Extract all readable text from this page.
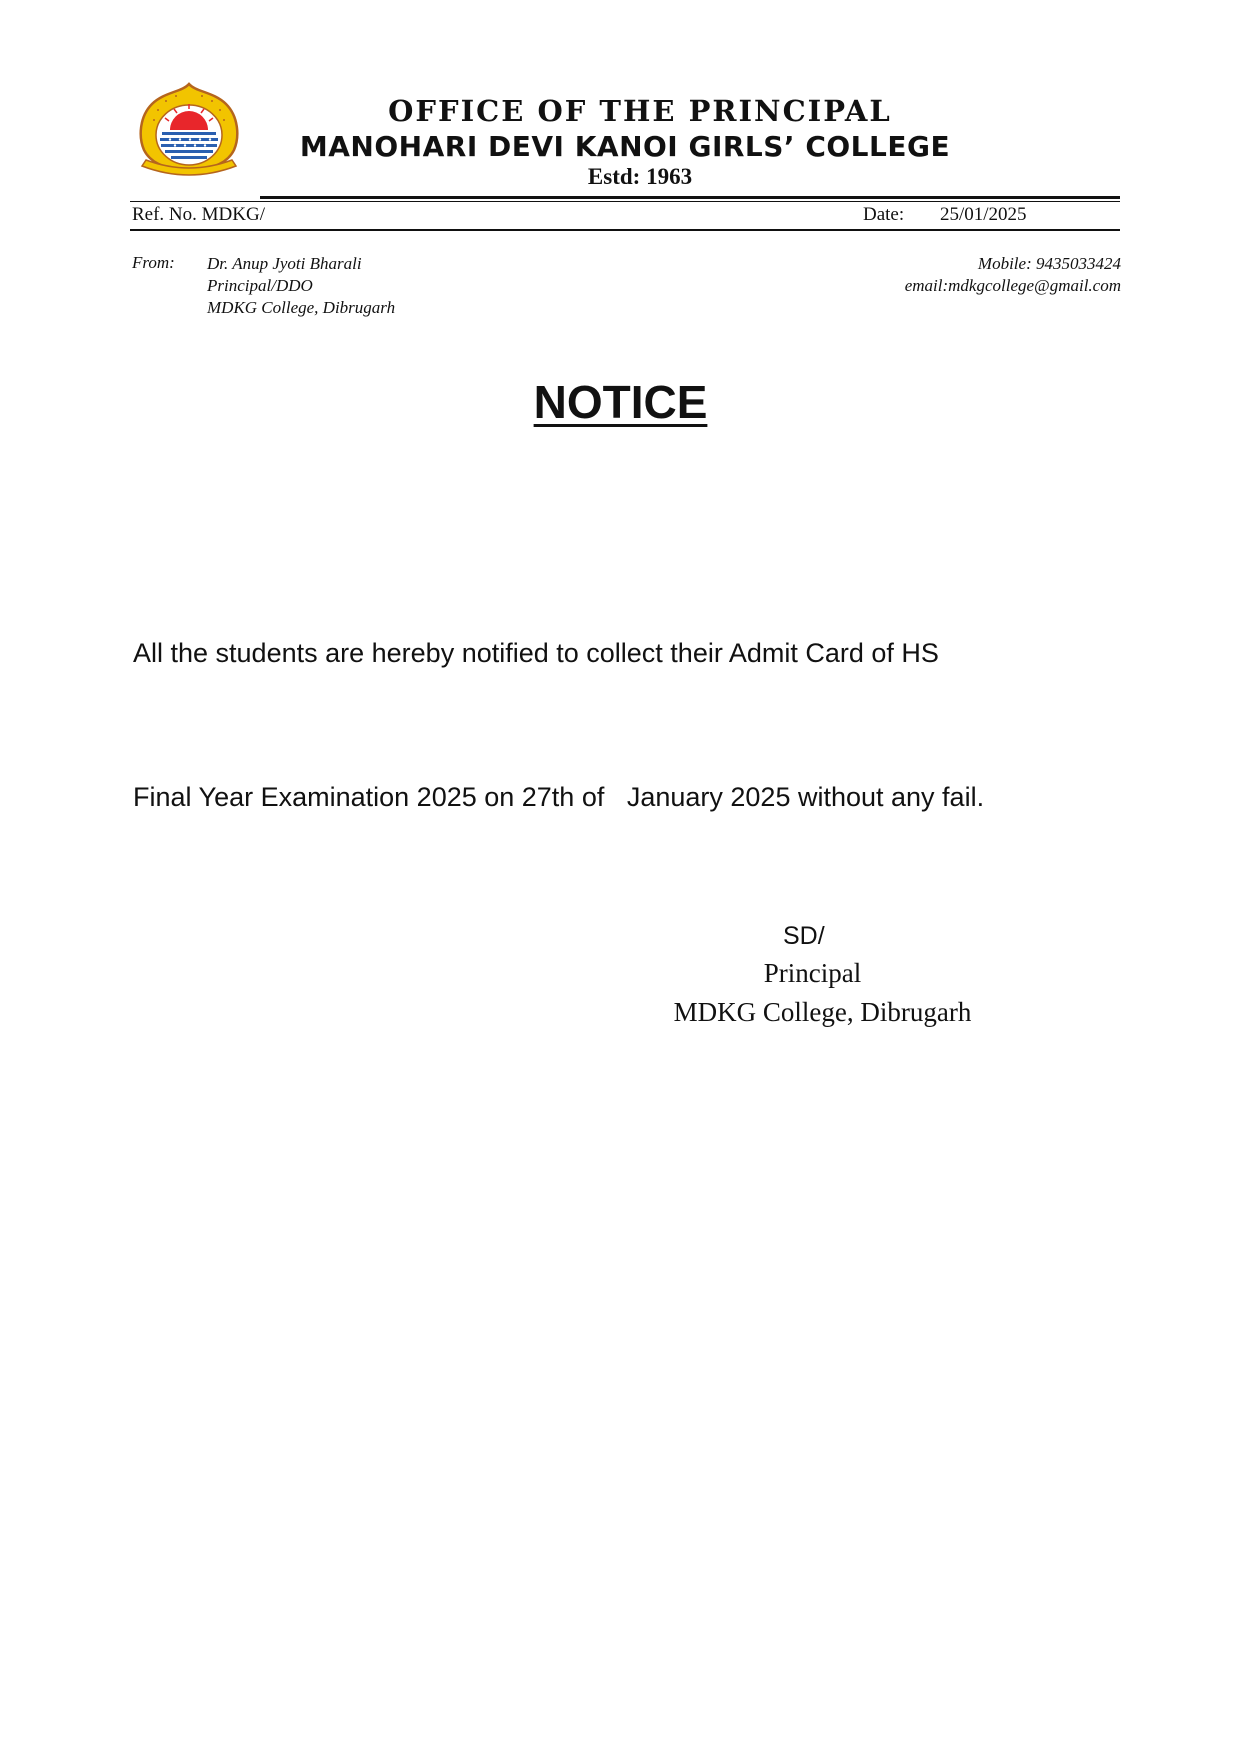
OFFICE OF THE PRINCIPAL
MANOHARI DEVI KANOI GIRLS’ COLLEGE
Estd: 1963
Ref. No. MDKG/	Date: 25/01/2025
From: Dr. Anup Jyoti Bharali
Principal/DDO
MDKG College, Dibrugarh
Mobile: 9435033424
email:mdkgcollege@gmail.com
NOTICE

All the students are hereby notified to collect their Admit Card of HS

Final Year Examination 2025 on 27th of   January 2025 without any fail.

SD/
Principal
MDKG College, Dibrugarh
